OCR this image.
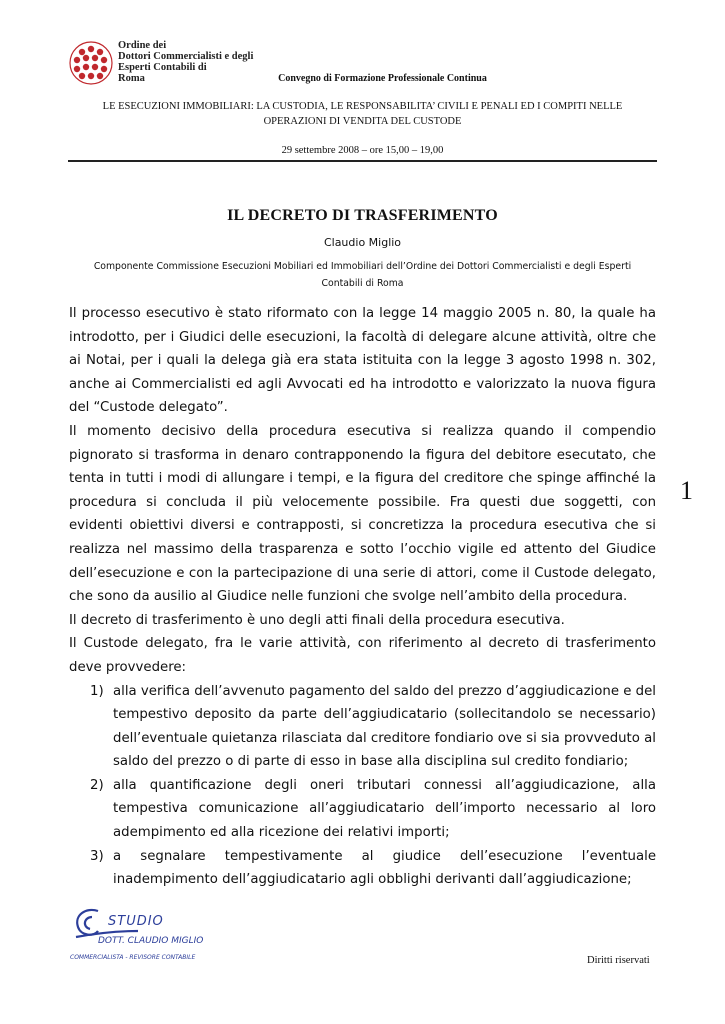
Ordine dei
Dottori Commercialisti e degli
Esperti Contabili di
Roma	Convegno di Formazione Professionale Continua
LE ESECUZIONI IMMOBILIARI: LA CUSTODIA, LE RESPONSABILITA’ CIVILI E PENALI ED I COMPITI NELLE OPERAZIONI DI VENDITA DEL CUSTODE
29 settembre 2008 – ore 15,00 – 19,00
IL DECRETO DI TRASFERIMENTO
Claudio Miglio
Componente Commissione Esecuzioni Mobiliari ed Immobiliari dell’Ordine dei Dottori Commercialisti e degli Esperti Contabili di Roma

Il processo esecutivo è stato riformato con la legge 14 maggio 2005 n. 80, la quale ha introdotto, per i Giudici delle esecuzioni, la facoltà di delegare alcune attività, oltre che ai Notai, per i quali la delega già era stata istituita con la legge 3 agosto 1998 n. 302, anche ai Commercialisti ed agli Avvocati ed ha introdotto e valorizzato la nuova figura del “Custode delegato”.

Il momento decisivo della procedura esecutiva si realizza quando il compendio pignorato si trasforma in denaro contrapponendo la figura del debitore esecutato, che tenta in tutti i modi di allungare i tempi, e la figura del creditore che spinge affinché la procedura si concluda il più velocemente possibile. Fra questi due soggetti, con evidenti obiettivi diversi e contrapposti, si concretizza la procedura esecutiva che si realizza nel massimo della trasparenza e sotto l’occhio vigile ed attento del Giudice dell’esecuzione e con la partecipazione di una serie di attori, come il Custode delegato, che sono da ausilio al Giudice nelle funzioni che svolge nell’ambito della procedura.

Il decreto di trasferimento è uno degli atti finali della procedura esecutiva.

Il Custode delegato, fra le varie attività, con riferimento al decreto di trasferimento deve provvedere:

1) alla verifica dell’avvenuto pagamento del saldo del prezzo d’aggiudicazione e del tempestivo deposito da parte dell’aggiudicatario (sollecitandolo se necessario) dell’eventuale quietanza rilasciata dal creditore fondiario ove si sia provveduto al saldo del prezzo o di parte di esso in base alla disciplina sul credito fondiario;
2) alla quantificazione degli oneri tributari connessi all’aggiudicazione, alla tempestiva comunicazione all’aggiudicatario dell’importo necessario al loro adempimento ed alla ricezione dei relativi importi;
3) a segnalare tempestivamente al giudice dell’esecuzione l’eventuale inadempimento dell’aggiudicatario agli obblighi derivanti dall’aggiudicazione;
1
STUDIO
DOTT. CLAUDIO MIGLIO
COMMERCIALISTA - REVISORE CONTABILE	Diritti riservati
